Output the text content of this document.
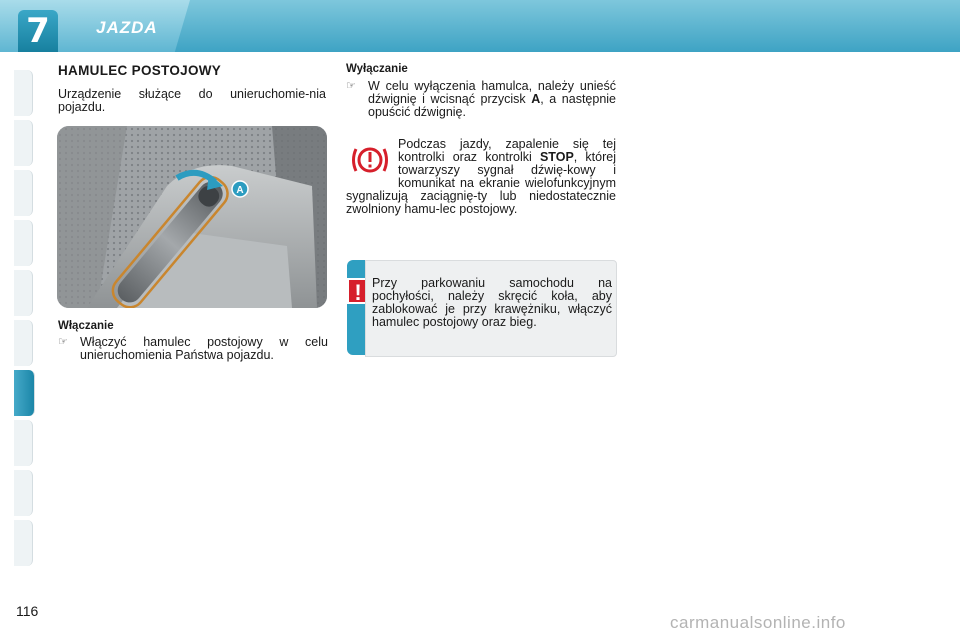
7	JAZDA
HAMULEC POSTOJOWY
Urządzenie służące do unieruchomie-nia pojazdu.
A
Włączanie
☞ Włączyć hamulec postojowy w celu unieruchomienia Państwa pojazdu.
Wyłączanie
☞ W celu wyłączenia hamulca, należy unieść dźwignię i wcisnąć przycisk A, a następnie opuścić dźwignię.
Podczas jazdy, zapalenie się tej kontrolki oraz kontrolki STOP, której towarzyszy sygnał dźwię-kowy i komunikat na ekranie wielofunkcyjnym sygnalizują zaciągnię-ty lub niedostatecznie zwolniony hamu-lec postojowy.
! Przy parkowaniu samochodu na pochyłości, należy skręcić koła, aby zablokować je przy krawężniku, włączyć hamulec postojowy oraz bieg.
116
carmanualsonline.info
